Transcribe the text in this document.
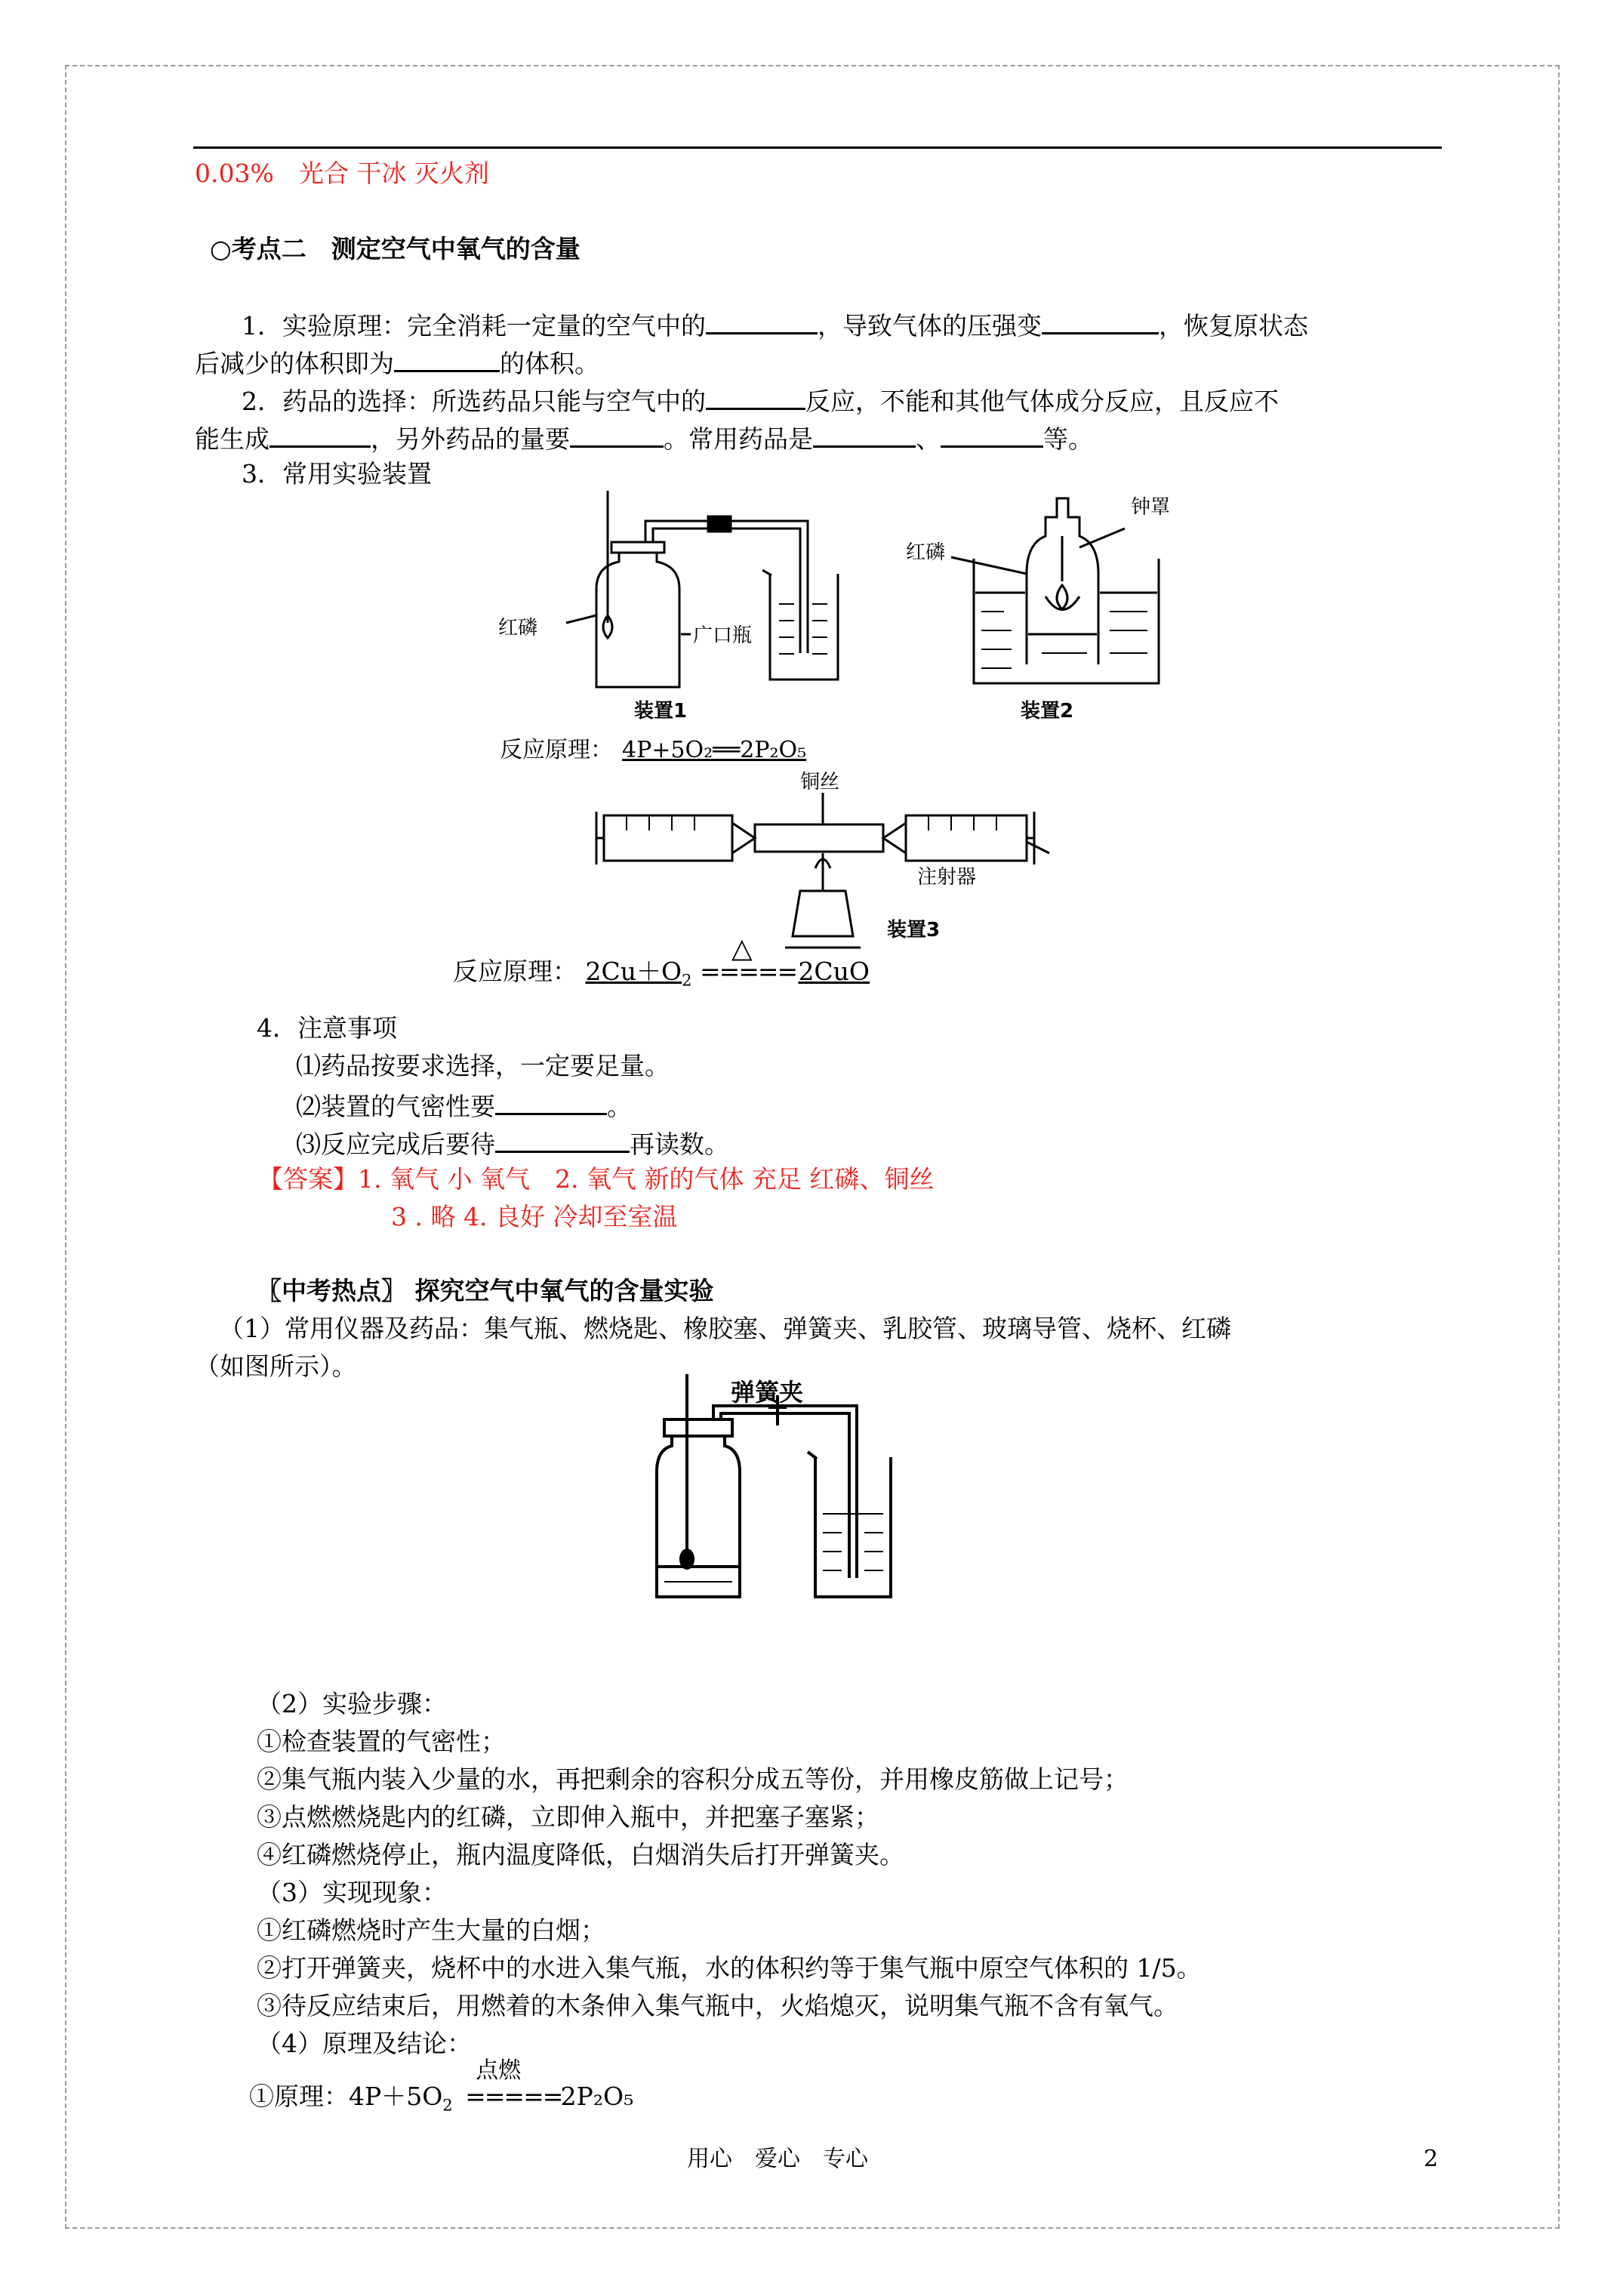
0.03%　光合 干冰 灭火剂
○考点二　测定空气中氧气的含量
1．实验原理：完全消耗一定量的空气中的	，导致气体的压强变	，恢复原状态
后减少的体积即为	的体积。
2．药品的选择：所选药品只能与空气中的	反应，不能和其他气体成分反应，且反应不
能生成	，另外药品的量要	。常用药品是	、	等。
3．常用实验装置
红磷	广口瓶
装置1
红磷
钟罩
装置2
反应原理： 4P+5O₂══2P₂O₅
铜丝
注射器
装置3
反应原理： $2Cu+O_2$
△
===== 2CuO
4．注意事项
⑴药品按要求选择，一定要足量。
⑵装置的气密性要	。
⑶反应完成后要待	再读数。
【答案】1. 氧气 小 氧气　2. 氧气 新的气体 充足 红磷、铜丝
3 . 略 4. 良好 冷却至室温
〖中考热点〗 探究空气中氧气的含量实验
（1）常用仪器及药品：集气瓶、燃烧匙、橡胶塞、弹簧夹、乳胶管、玻璃导管、烧杯、红磷
（如图所示）。
弹簧夹
（2）实验步骤：
①检查装置的气密性；
②集气瓶内装入少量的水，再把剩余的容积分成五等份，并用橡皮筋做上记号；
③点燃燃烧匙内的红磷，立即伸入瓶中，并把塞子塞紧；
④红磷燃烧停止，瓶内温度降低，白烟消失后打开弹簧夹。
（3）实现现象：
①红磷燃烧时产生大量的白烟；
②打开弹簧夹，烧杯中的水进入集气瓶，水的体积约等于集气瓶中原空气体积的 1/5。
③待反应结束后，用燃着的木条伸入集气瓶中，火焰熄灭，说明集气瓶不含有氧气。
（4）原理及结论：
①原理：$4P+5O_2$
点燃
===== 2P₂O₅
用心　爱心　专心	2
